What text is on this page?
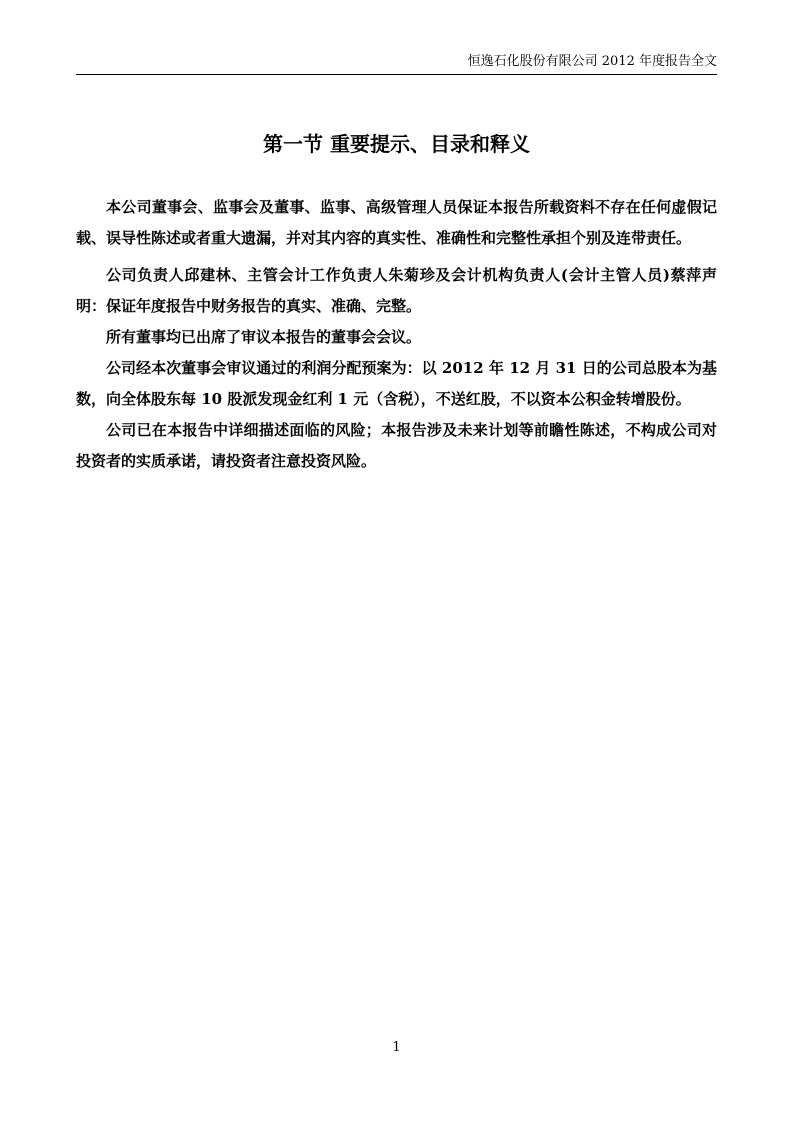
恒逸石化股份有限公司 2012 年度报告全文
第一节 重要提示、目录和释义

本公司董事会、监事会及董事、监事、高级管理人员保证本报告所载资料不存在任何虚假记载、误导性陈述或者重大遗漏，并对其内容的真实性、准确性和完整性承担个别及连带责任。

公司负责人邱建林、主管会计工作负责人朱菊珍及会计机构负责人(会计主管人员)蔡萍声明：保证年度报告中财务报告的真实、准确、完整。

所有董事均已出席了审议本报告的董事会会议。

公司经本次董事会审议通过的利润分配预案为：以 2012 年 12 月 31 日的公司总股本为基数，向全体股东每 10 股派发现金红利 1 元（含税），不送红股，不以资本公积金转增股份。

公司已在本报告中详细描述面临的风险；本报告涉及未来计划等前瞻性陈述，不构成公司对投资者的实质承诺，请投资者注意投资风险。

1
